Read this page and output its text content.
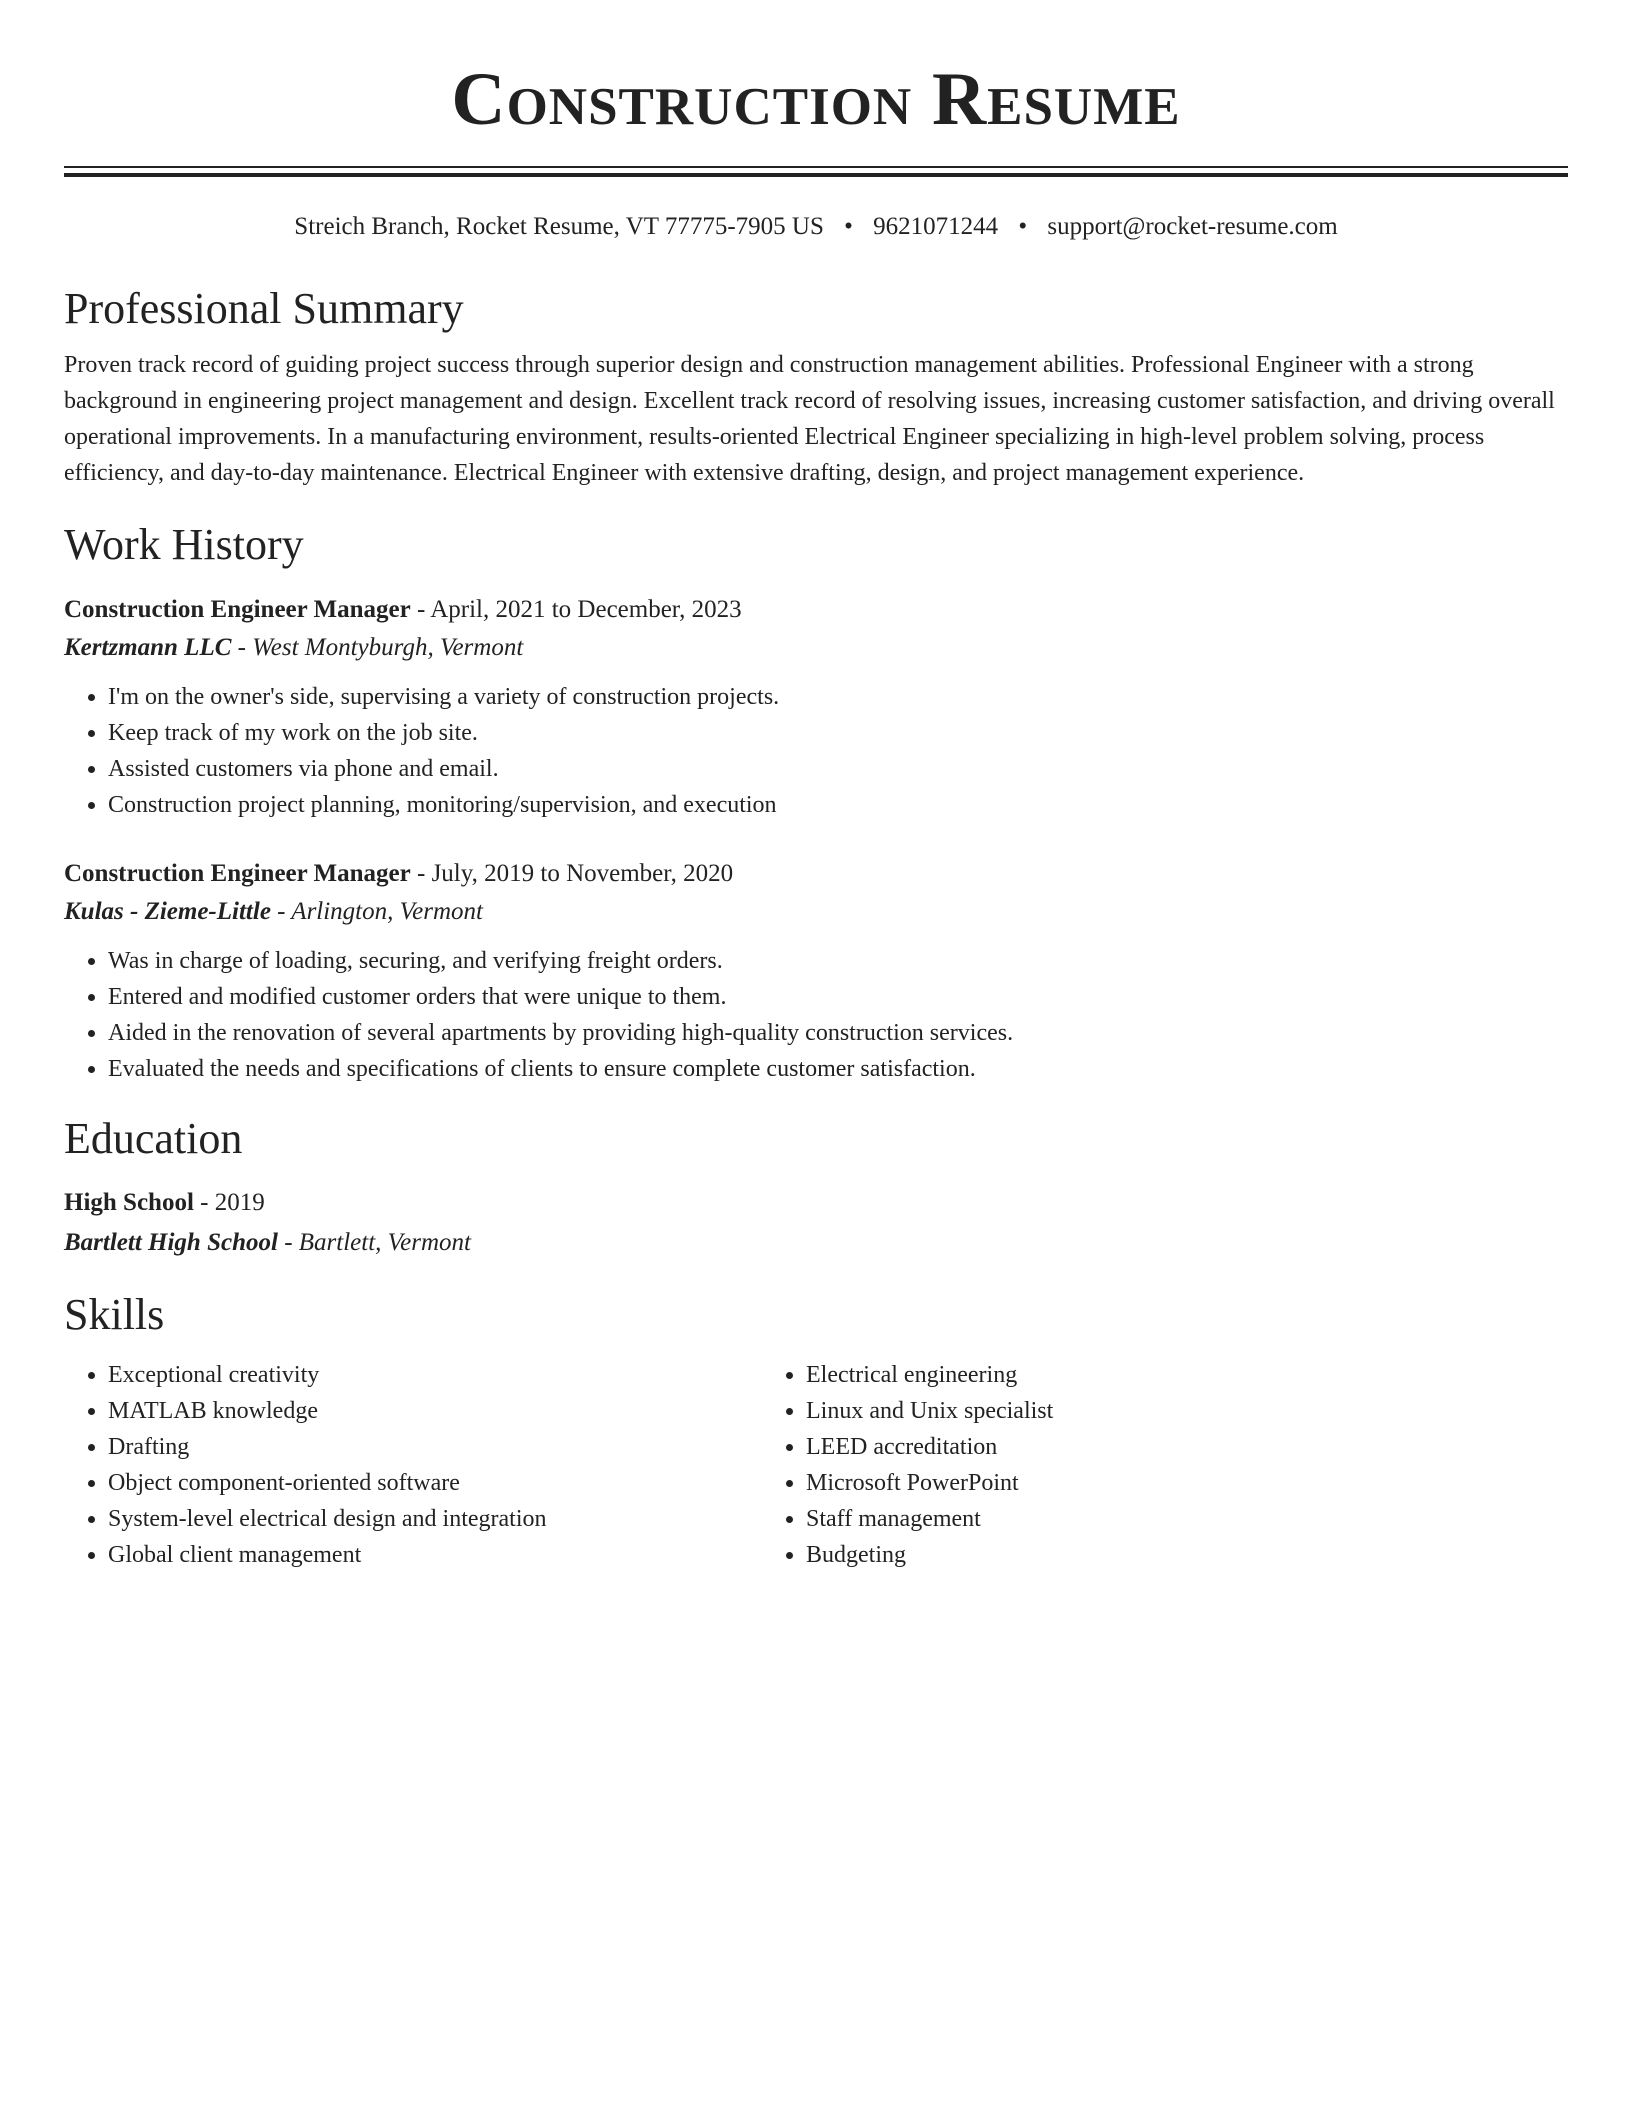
Construction Resume
Streich Branch, Rocket Resume, VT 77775-7905 US • 9621071244 • support@rocket-resume.com
Professional Summary

Proven track record of guiding project success through superior design and construction management abilities. Professional Engineer with a strong background in engineering project management and design. Excellent track record of resolving issues, increasing customer satisfaction, and driving overall operational improvements. In a manufacturing environment, results-oriented Electrical Engineer specializing in high-level problem solving, process efficiency, and day-to-day maintenance. Electrical Engineer with extensive drafting, design, and project management experience.

Work History
Construction Engineer Manager - April, 2021 to December, 2023
Kertzmann LLC - West Montyburgh, Vermont
• I'm on the owner's side, supervising a variety of construction projects.
• Keep track of my work on the job site.
• Assisted customers via phone and email.
• Construction project planning, monitoring/supervision, and execution
Construction Engineer Manager - July, 2019 to November, 2020
Kulas - Zieme-Little - Arlington, Vermont
• Was in charge of loading, securing, and verifying freight orders.
• Entered and modified customer orders that were unique to them.
• Aided in the renovation of several apartments by providing high-quality construction services.
• Evaluated the needs and specifications of clients to ensure complete customer satisfaction.
Education
High School - 2019
Bartlett High School - Bartlett, Vermont
Skills
• Exceptional creativity
• MATLAB knowledge
• Drafting
• Object component-oriented software
• System-level electrical design and integration
• Global client management
• Electrical engineering
• Linux and Unix specialist
• LEED accreditation
• Microsoft PowerPoint
• Staff management
• Budgeting
